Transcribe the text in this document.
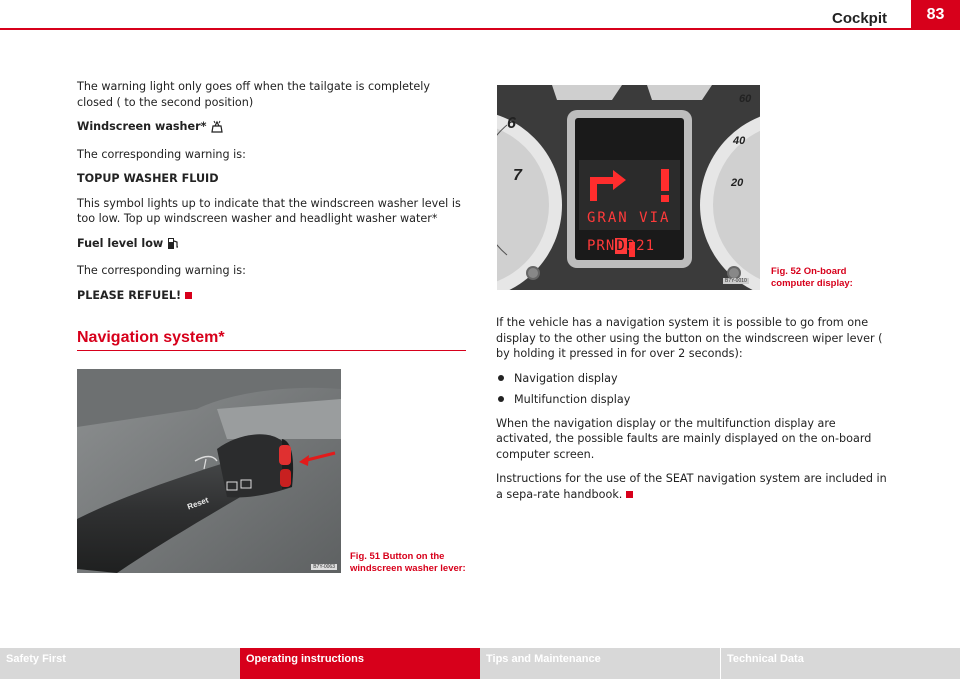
Cockpit	83

The warning light only goes off when the tailgate is completely closed ( to the second position)

Windscreen washer*

The corresponding warning is:

TOPUP WASHER FLUID

This symbol lights up to indicate that the windscreen washer level is too low. Top up windscreen washer and headlight washer water*

Fuel level low

The corresponding warning is:

PLEASE REFUEL!

Navigation system*
Reset
B7Y-0063
Fig. 51 Button on the windscreen washer lever:
6
7
60
40
20
GRAN VIA
PRND321
B7Y-0010
Fig. 52 On-board computer display:

If the vehicle has a navigation system it is possible to go from one display to the other using the button on the windscreen wiper lever ( by holding it pressed in for over 2 seconds):

Navigation display

Multifunction display

When the navigation display or the multifunction display are activated, the possible faults are mainly displayed on the on-board computer screen.

Instructions for the use of the SEAT navigation system are included in a sepa-rate handbook.

Safety First	Operating instructions	Tips and Maintenance	Technical Data
